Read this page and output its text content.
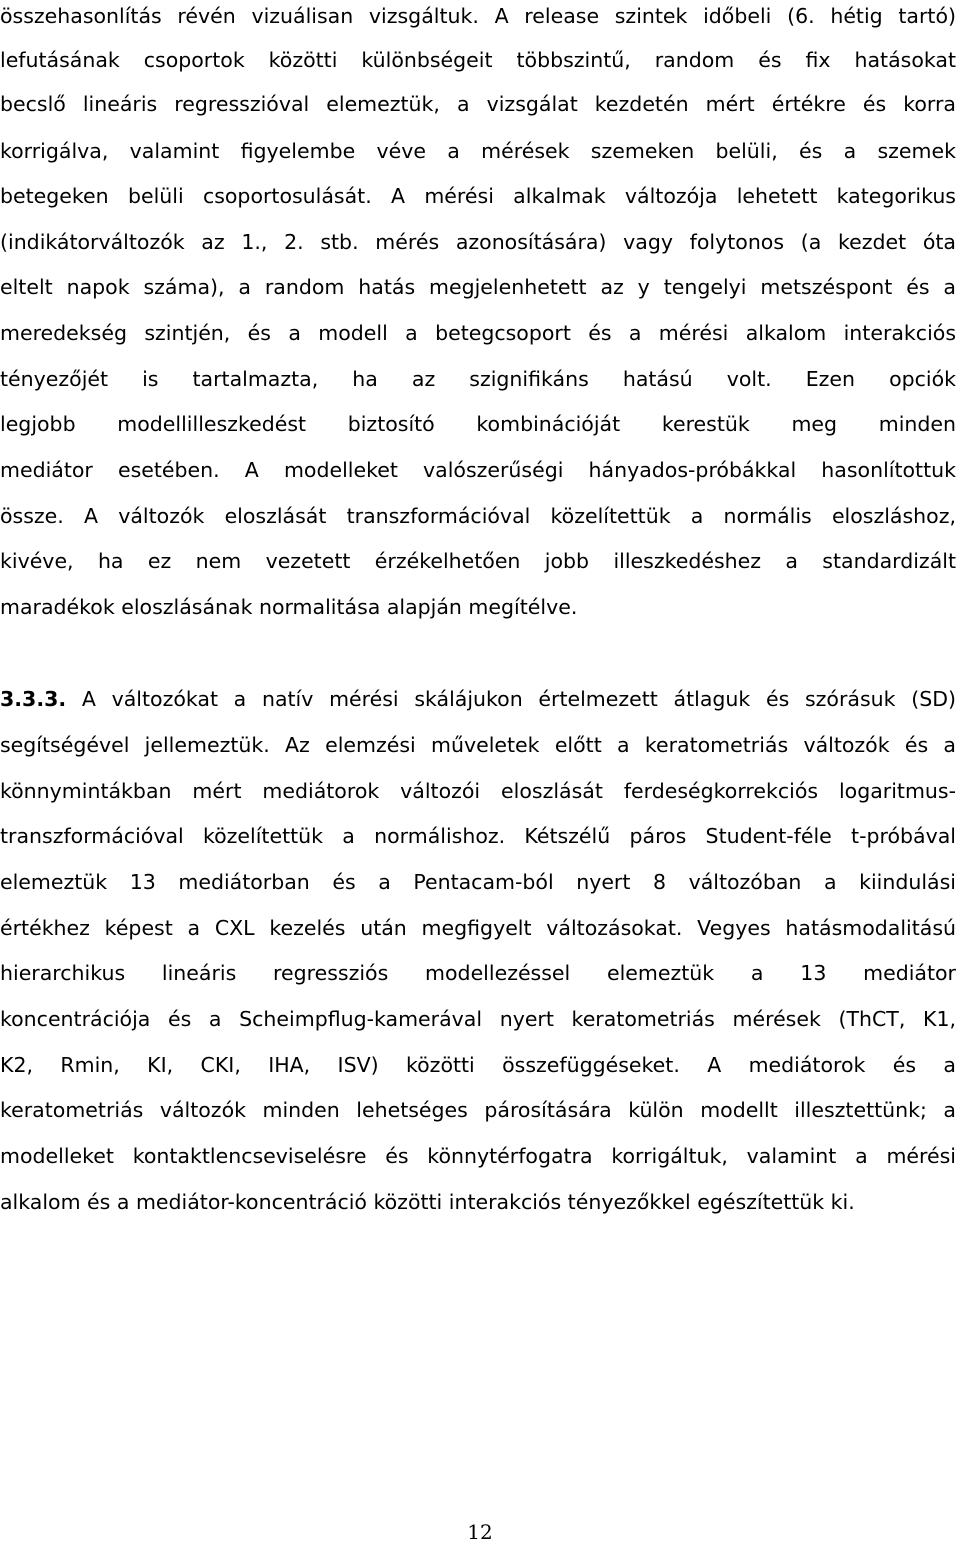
összehasonlítás révén vizuálisan vizsgáltuk. A release szintek időbeli (6. hétig tartó)
lefutásának csoportok közötti különbségeit többszintű, random és fix hatásokat
becslő lineáris regresszióval elemeztük, a vizsgálat kezdetén mért értékre és korra
korrigálva, valamint figyelembe véve a mérések szemeken belüli, és a szemek
betegeken belüli csoportosulását. A mérési alkalmak változója lehetett kategorikus
(indikátorváltozók az 1., 2. stb. mérés azonosítására) vagy folytonos (a kezdet óta
eltelt napok száma), a random hatás megjelenhetett az y tengelyi metszéspont és a
meredekség szintjén, és a modell a betegcsoport és a mérési alkalom interakciós
tényezőjét is tartalmazta, ha az szignifikáns hatású volt. Ezen opciók
legjobb modellilleszkedést biztosító kombinációját kerestük meg minden
mediátor esetében. A modelleket valószerűségi hányados-próbákkal hasonlítottuk
össze. A változók eloszlását transzformációval közelítettük a normális eloszláshoz,
kivéve, ha ez nem vezetett érzékelhetően jobb illeszkedéshez a standardizált
maradékok eloszlásának normalitása alapján megítélve.
3.3.3. A változókat a natív mérési skálájukon értelmezett átlaguk és szórásuk (SD)
segítségével jellemeztük. Az elemzési műveletek előtt a keratometriás változók és a
könnymintákban mért mediátorok változói eloszlását ferdeségkorrekciós logaritmus-
transzformációval közelítettük a normálishoz. Kétszélű páros Student-féle t-próbával
elemeztük 13 mediátorban és a Pentacam-ból nyert 8 változóban a kiindulási
értékhez képest a CXL kezelés után megfigyelt változásokat. Vegyes hatásmodalitású
hierarchikus lineáris regressziós modellezéssel elemeztük a 13 mediátor
koncentrációja és a Scheimpflug-kamerával nyert keratometriás mérések (ThCT, K1,
K2, Rmin, KI, CKI, IHA, ISV) közötti összefüggéseket. A mediátorok és a
keratometriás változók minden lehetséges párosítására külön modellt illesztettünk; a
modelleket kontaktlencseviselésre és könnytérfogatra korrigáltuk, valamint a mérési
alkalom és a mediátor-koncentráció közötti interakciós tényezőkkel egészítettük ki.
12
